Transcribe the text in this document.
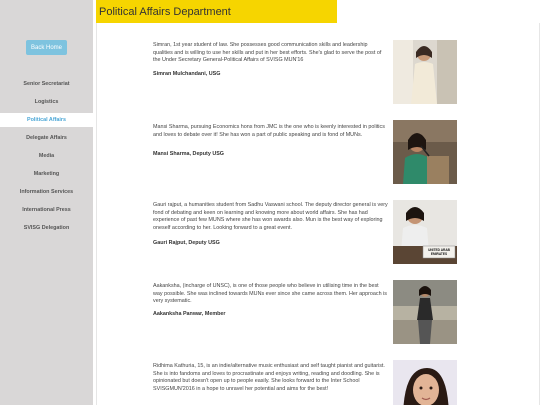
Back Home
Senior Secretariat
Logistics
Political Affairs
Delegate Affairs
Media
Marketing
Information Services
International Press
SVISG Delegation
Political Affairs Department
Simran, 1st year student of law. She possesses good communication skills and leadership qualities and is willing to use her skills and put in her best efforts. She's glad to serve the post of the Under Secretary General-Political Affairs of SVISG MUN'16
Simran Mulchandani, USG
Mansi Sharma, pursuing Economics hons from JMC is the one who is keenly interested in politics and loves to debate over it! She has won a part of public speaking and is fond of MUNs.
Mansi Sharma, Deputy USG
Gauri rajput, a humanities student from Sadhu Vaswani school. The deputy director general is very fond of debating and keen on learning and knowing more about world affairs. She has had experience of past few MUNS where she has won awards also. Mun is the best way of exploring oneself according to her. Looking forward to a great event.
Gauri Rajput, Deputy USG
UNITED ARAB
EMIRATES
Aakanksha, (incharge of UNSC), is one of those people who believe in utilising time in the best way possible. She was inclined towards MUNs ever since she came across them. Her approach is very systematic.
Aakanksha Panwar, Member
Ridhima Kathuria, 15, is an indie/alternative music enthusiast and self taught pianist and guitarist. She is into fandoms and loves to procrastinate and enjoys writing, reading and doodling. She is opinionated but doesn't open up to people easily. She looks forward to the Inter School SVISGMUN'2016 in a hope to unravel her potential and aims for the best!
